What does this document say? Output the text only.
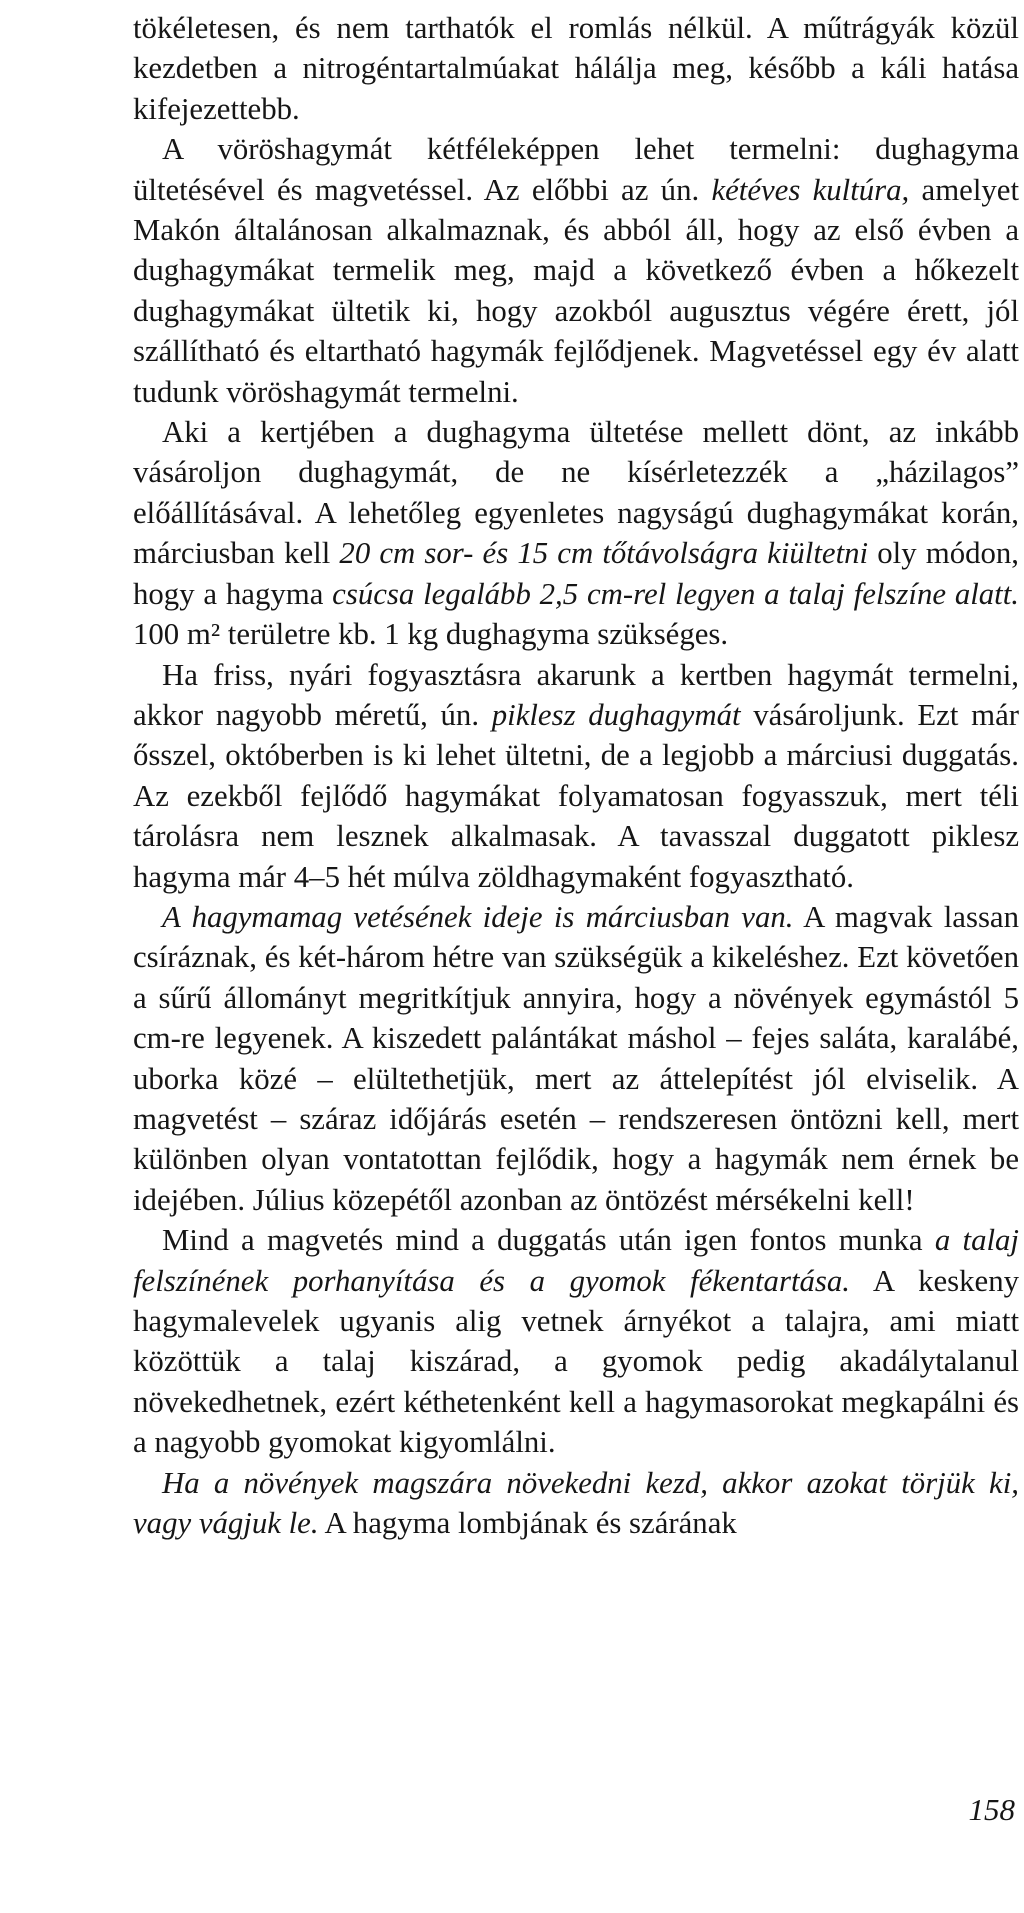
tökéletesen, és nem tarthatók el romlás nélkül. A műtrágyák közül kezdetben a nitrogéntartalmúakat hálálja meg, később a káli hatása kifejezettebb.

A vöröshagymát kétféleképpen lehet termelni: dughagyma ültetésével és magvetéssel. Az előbbi az ún. kétéves kultúra, amelyet Makón általánosan alkalmaznak, és abból áll, hogy az első évben a dughagymákat termelik meg, majd a következő évben a hőkezelt dughagymákat ültetik ki, hogy azokból augusztus végére érett, jól szállítható és eltartható hagymák fejlődjenek. Magvetéssel egy év alatt tudunk vöröshagymát termelni.

Aki a kertjében a dughagyma ültetése mellett dönt, az inkább vásároljon dughagymát, de ne kísérletezzék a „házilagos” előállításával. A lehetőleg egyenletes nagyságú dughagymákat korán, márciusban kell 20 cm sor- és 15 cm tőtávolságra kiültetni oly módon, hogy a hagyma csúcsa legalább 2,5 cm-rel legyen a talaj felszíne alatt. 100 m² területre kb. 1 kg dughagyma szükséges.

Ha friss, nyári fogyasztásra akarunk a kertben hagymát termelni, akkor nagyobb méretű, ún. piklesz dughagymát vásároljunk. Ezt már ősszel, októberben is ki lehet ültetni, de a legjobb a márciusi duggatás. Az ezekből fejlődő hagymákat folyamatosan fogyasszuk, mert téli tárolásra nem lesznek alkalmasak. A tavasszal duggatott piklesz hagyma már 4–5 hét múlva zöldhagymaként fogyasztható.

A hagymamag vetésének ideje is márciusban van. A magvak lassan csíráznak, és két-három hétre van szükségük a kikeléshez. Ezt követően a sűrű állományt megritkítjuk annyira, hogy a növények egymástól 5 cm-re legyenek. A kiszedett palántákat máshol – fejes saláta, karalábé, uborka közé – elültethetjük, mert az áttelepítést jól elviselik. A magvetést – száraz időjárás esetén – rendszeresen öntözni kell, mert különben olyan vontatottan fejlődik, hogy a hagymák nem érnek be idejében. Július közepétől azonban az öntözést mérsékelni kell!

Mind a magvetés mind a duggatás után igen fontos munka a talaj felszínének porhanyítása és a gyomok fékentartása. A keskeny hagymalevelek ugyanis alig vetnek árnyékot a talajra, ami miatt közöttük a talaj kiszárad, a gyomok pedig akadálytalanul növekedhetnek, ezért kéthetenként kell a hagymasorokat megkapálni és a nagyobb gyomokat kigyomlálni.

Ha a növények magszára növekedni kezd, akkor azokat törjük ki, vagy vágjuk le. A hagyma lombjának és szárának

158
